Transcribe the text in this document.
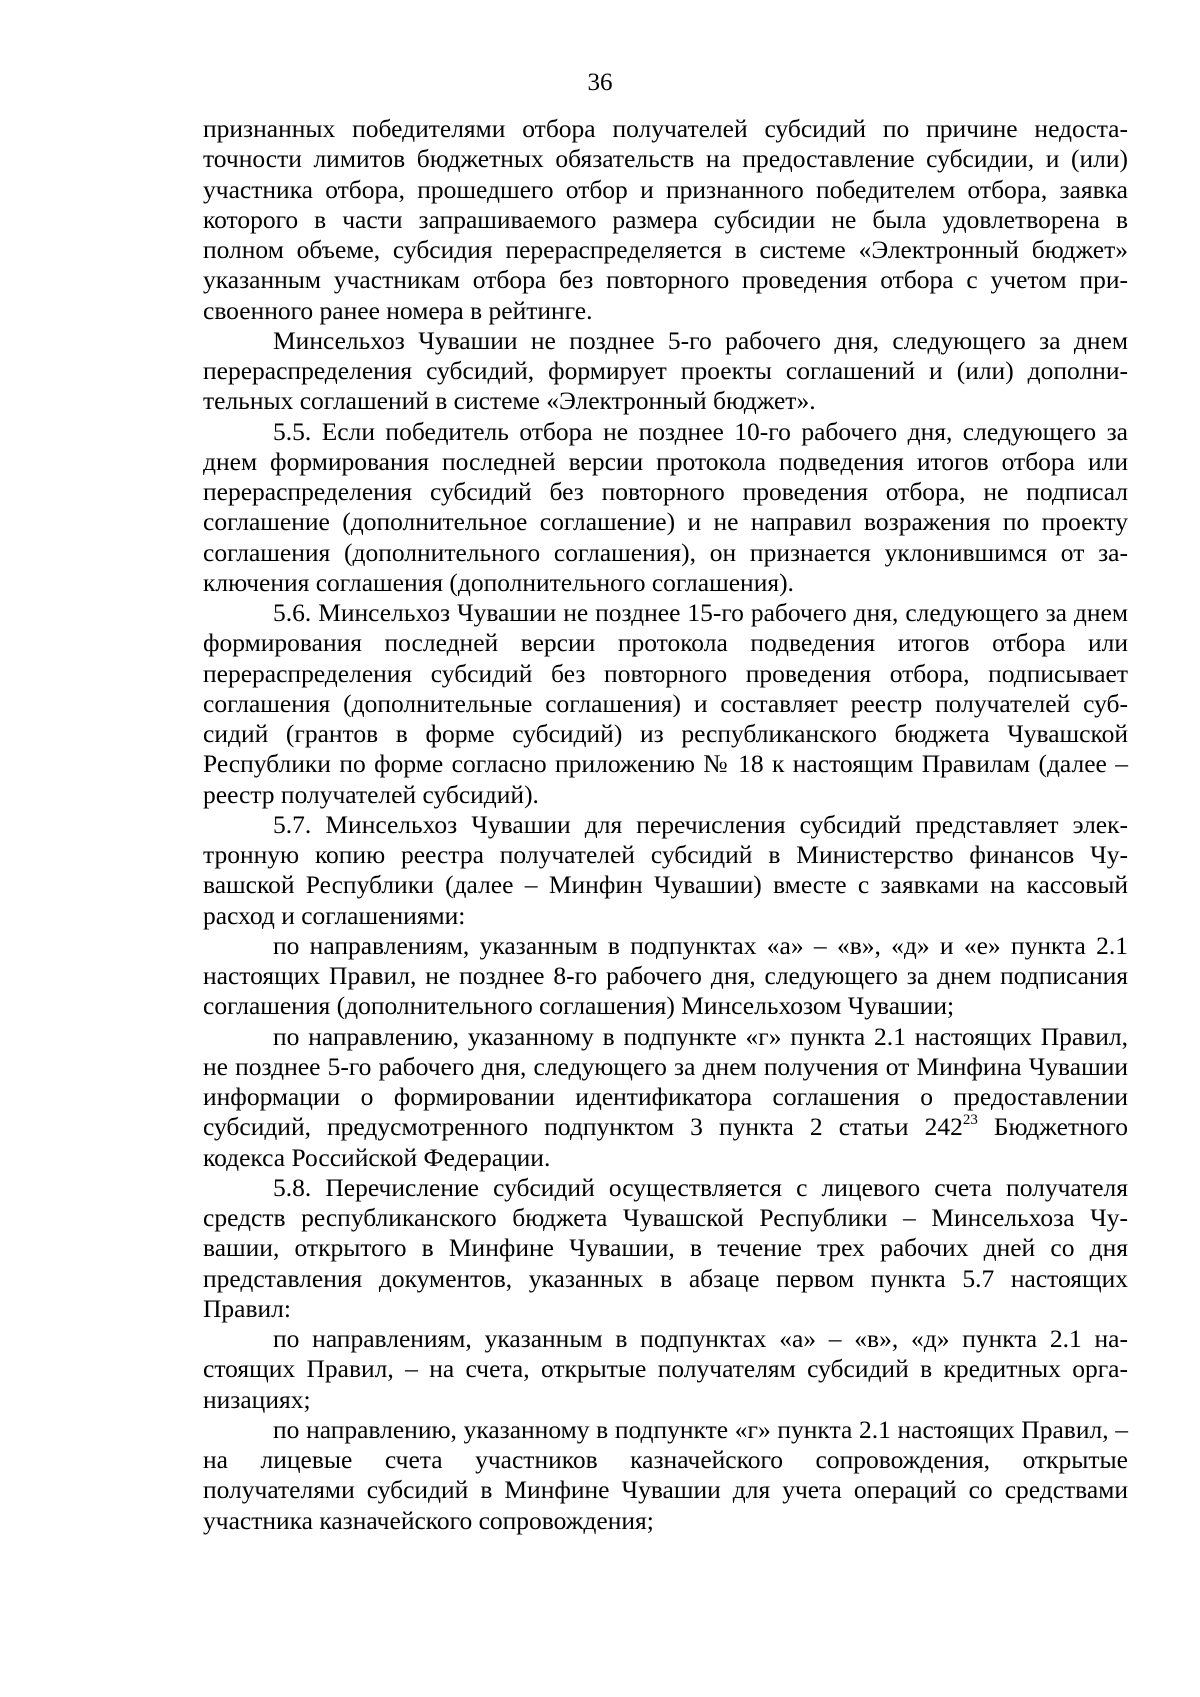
36

признанных победителями отбора получателей субсидий по причине недостаточности лимитов бюджетных обязательств на предоставление субсидии, и (или) участника отбора, прошедшего отбор и признанного победителем отбора, заявка которого в части запрашиваемого размера субсидии не была удовлетворена в полном объеме, субсидия перераспределяется в системе «Электронный бюджет» указанным участникам отбора без повторного проведения отбора с учетом присвоенного ранее номера в рейтинге.

Минсельхоз Чувашии не позднее 5-го рабочего дня, следующего за днем перераспределения субсидий, формирует проекты соглашений и (или) дополнительных соглашений в системе «Электронный бюджет».

5.5. Если победитель отбора не позднее 10-го рабочего дня, следующего за днем формирования последней версии протокола подведения итогов отбора или перераспределения субсидий без повторного проведения отбора, не подписал соглашение (дополнительное соглашение) и не направил возражения по проекту соглашения (дополнительного соглашения), он признается уклонившимся от заключения соглашения (дополнительного соглашения).

5.6. Минсельхоз Чувашии не позднее 15-го рабочего дня, следующего за днем формирования последней версии протокола подведения итогов отбора или перераспределения субсидий без повторного проведения отбора, подписывает соглашения (дополнительные соглашения) и составляет реестр получателей субсидий (грантов в форме субсидий) из республиканского бюджета Чувашской Республики по форме согласно приложению № 18 к настоящим Правилам (далее – реестр получателей субсидий).

5.7. Минсельхоз Чувашии для перечисления субсидий представляет электронную копию реестра получателей субсидий в Министерство финансов Чувашской Республики (далее – Минфин Чувашии) вместе с заявками на кассовый расход и соглашениями:

по направлениям, указанным в подпунктах «а» – «в», «д» и «е» пункта 2.1 настоящих Правил, не позднее 8-го рабочего дня, следующего за днем подписания соглашения (дополнительного соглашения) Минсельхозом Чувашии;

по направлению, указанному в подпункте «г» пункта 2.1 настоящих Правил, не позднее 5-го рабочего дня, следующего за днем получения от Минфина Чувашии информации о формировании идентификатора соглашения о предоставлении субсидий, предусмотренного подпунктом 3 пункта 2 статьи $242^{23}$ Бюджетного кодекса Российской Федерации.

5.8. Перечисление субсидий осуществляется с лицевого счета получателя средств республиканского бюджета Чувашской Республики – Минсельхоза Чувашии, открытого в Минфине Чувашии, в течение трех рабочих дней со дня представления документов, указанных в абзаце первом пункта 5.7 настоящих Правил:

по направлениям, указанным в подпунктах «а» – «в», «д» пункта 2.1 настоящих Правил, – на счета, открытые получателям субсидий в кредитных организациях;

по направлению, указанному в подпункте «г» пункта 2.1 настоящих Правил, – на лицевые счета участников казначейского сопровождения, открытые получателями субсидий в Минфине Чувашии для учета операций со средствами участника казначейского сопровождения;
